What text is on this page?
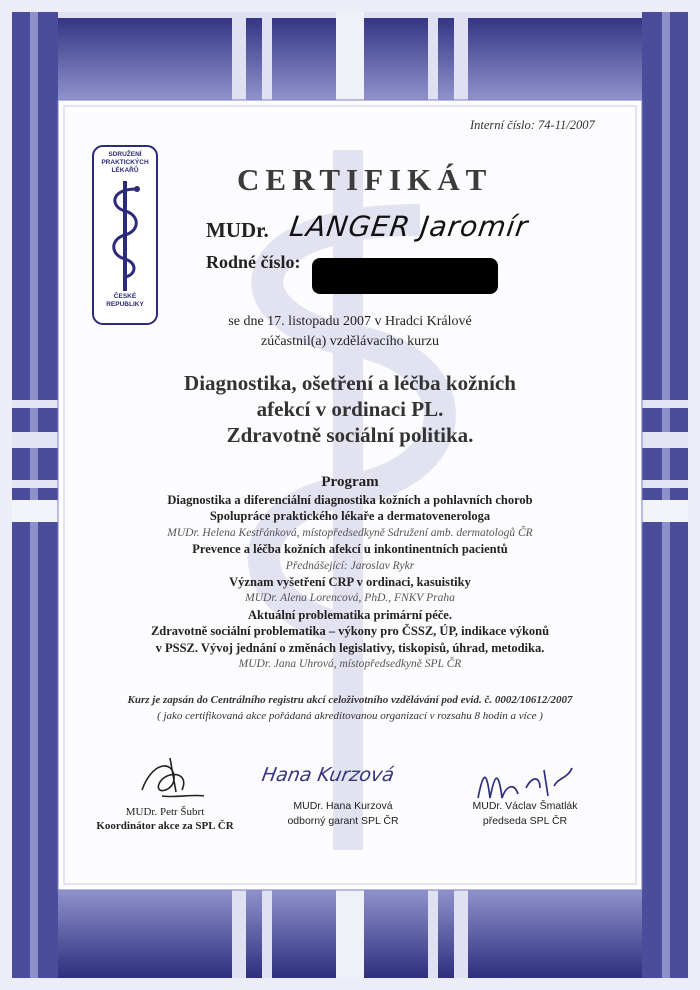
Interní číslo: 74-11/2007
SDRUŽENÍ PRAKTICKÝCH LÉKAŘŮ
ČESKÉ REPUBLIKY
CERTIFIKÁT
MUDr. LANGER Jaromír
Rodné číslo:
se dne 17. listopadu 2007 v Hradci Králové
zúčastnil(a) vzdělávacího kurzu
Diagnostika, ošetření a léčba kožních
afekcí v ordinaci PL.
Zdravotně sociální politika.
Program
Diagnostika a diferenciální diagnostika kožních a pohlavních chorob
Spolupráce praktického lékaře a dermatovenerologa
MUDr. Helena Kestřánková, místopředsedkyně Sdružení amb. dermatologů ČR
Prevence a léčba kožních afekcí u inkontinentních pacientů
Přednášející: Jaroslav Rykr
Význam vyšetření CRP v ordinaci, kasuistiky
MUDr. Alena Lorencová, PhD., FNKV Praha
Aktuální problematika primární péče.
Zdravotně sociální problematika – výkony pro ČSSZ, ÚP, indikace výkonů
v PSSZ. Vývoj jednání o změnách legislativy, tiskopisů, úhrad, metodika.
MUDr. Jana Uhrová, místopředsedkyně SPL ČR
Kurz je zapsán do Centrálního registru akcí celoživotního vzdělávání pod evid. č. 0002/10612/2007
( jako certifikovaná akce pořádaná akreditovanou organizací v rozsahu 8 hodin a více )
MUDr. Petr Šubrt
Koordinátor akce za SPL ČR
Hana Kurzová
MUDr. Hana Kurzová
odborný garant SPL ČR
MUDr. Václav Šmatlák
předseda SPL ČR
